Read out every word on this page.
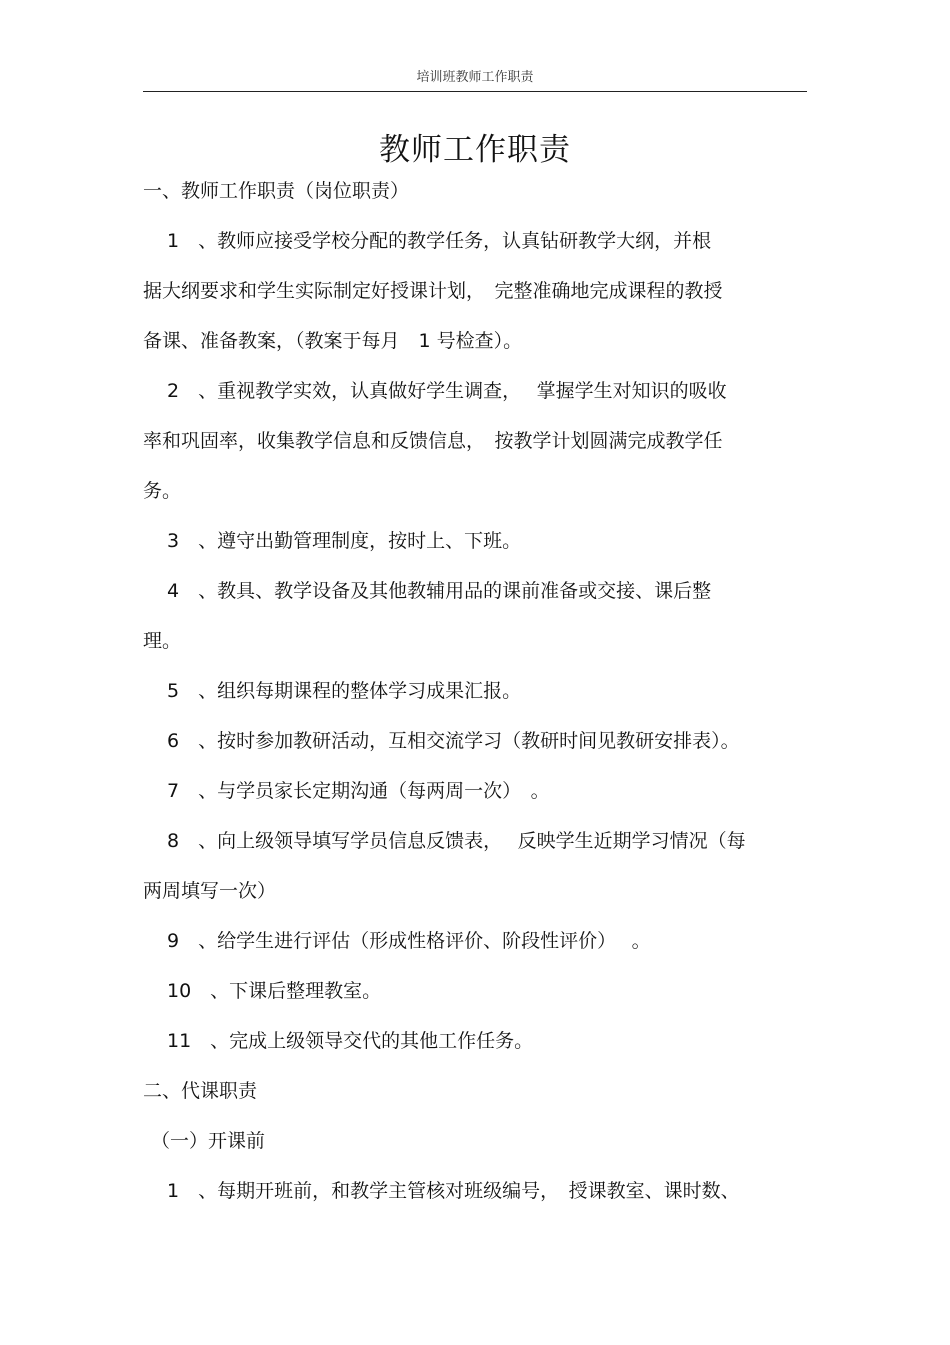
培训班教师工作职责
教师工作职责

一、教师工作职责（岗位职责）

1　、教师应接受学校分配的教学任务，认真钻研教学大纲，并根

据大纲要求和学生实际制定好授课计划，　完整准确地完成课程的教授

备课、准备教案，（教案于每月　1 号检查）。

2　、重视教学实效，认真做好学生调查，　 掌握学生对知识的吸收

率和巩固率，收集教学信息和反馈信息，　按教学计划圆满完成教学任

务。

3　、遵守出勤管理制度，按时上、下班。

4　、教具、教学设备及其他教辅用品的课前准备或交接、课后整

理。

5　、组织每期课程的整体学习成果汇报。

6　、按时参加教研活动，互相交流学习（教研时间见教研安排表）。

7　、与学员家长定期沟通（每两周一次）　。

8　、向上级领导填写学员信息反馈表，　 反映学生近期学习情况（每

两周填写一次）

9　、给学生进行评估（形成性格评价、阶段性评价）　 。

10　、下课后整理教室。

11　、完成上级领导交代的其他工作任务。

二、代课职责

（一）开课前

1　、每期开班前，和教学主管核对班级编号，　授课教室、课时数、
